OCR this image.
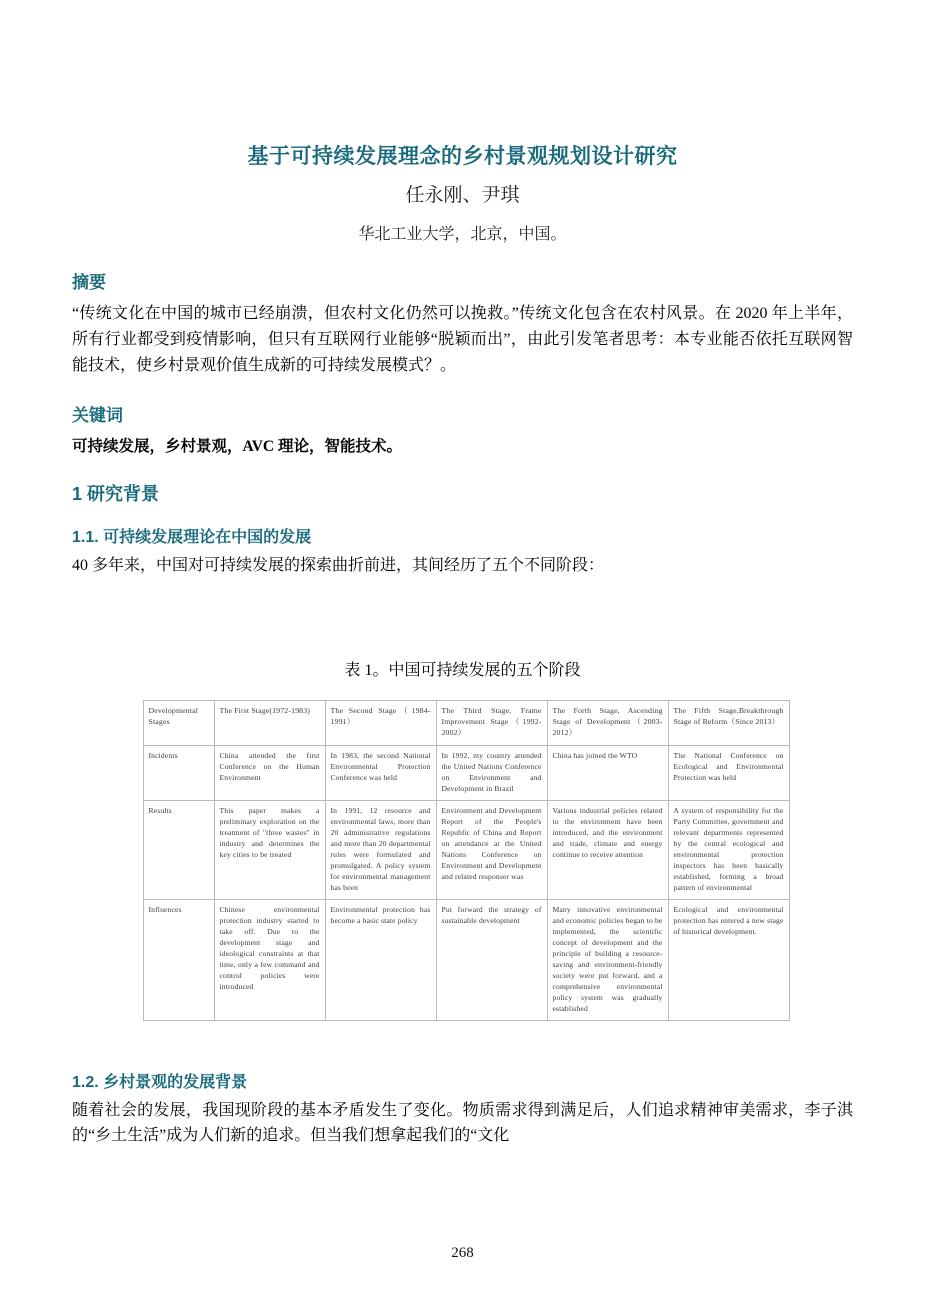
基于可持续发展理念的乡村景观规划设计研究
任永刚、尹琪
华北工业大学，北京，中国。
摘要

“传统文化在中国的城市已经崩溃，但农村文化仍然可以挽救。”传统文化包含在农村风景。在 2020 年上半年，所有行业都受到疫情影响，但只有互联网行业能够“脱颖而出”，由此引发笔者思考：本专业能否依托互联网智能技术，使乡村景观价值生成新的可持续发展模式？。

关键词

可持续发展，乡村景观，AVC 理论，智能技术。

1 研究背景
1.1. 可持续发展理论在中国的发展

40 多年来，中国对可持续发展的探索曲折前进，其间经历了五个不同阶段：

表 1。中国可持续发展的五个阶段
Developmental Stages	The First Stage(1972-1983)	The Second Stage（1984-1991）	The Third Stage, Frame Improvement Stage（1992-2002）	The Forth Stage, Ascending Stage of Development（2003-2012）	The Fifth Stage,Breakthrough Stage of Reform（Since 2013）
Incidents	China attended the first Conference on the Human Environment	In 1983, the second National Environmental Protection Conference was held	In 1992, my country attended the United Nations Conference on Environment and Development in Brazil	China has joined the WTO	The National Conference on Ecological and Environmental Protection was held
Results	This paper makes a preliminary exploration on the treatment of "three wastes" in industry and determines the key cities to be treated	In 1991, 12 resource and environmental laws, more than 20 administrative regulations and more than 20 departmental rules were formulated and promulgated. A policy system for environmental management has been	Environment and Development Report of the People's Republic of China and Report on attendance at the United Nations Conference on Environment and Development and related responser was	Various industrial policies related to the environment have been introduced, and the environment and trade, climate and energy continue to receive attention	A system of responsibility for the Party Committee, government and relevant departments represented by the central ecological and environmental protection inspectors has been basically established, forming a broad pattern of environmental
Influences	Chinese environmental protection industry started to take off. Due to the development stage and ideological constraints at that time, only a few command and control policies were introduced	Environmental protection has become a basic state policy	Put forward the strategy of sustainable development	Many innovative environmental and economic policies began to be implemented, the scientific concept of development and the principle of building a resource-saving and environment-friendly society were put forward, and a comprehensive environmental policy system was gradually established	Ecological and environmental protection has entered a new stage of historical development.
1.2. 乡村景观的发展背景

随着社会的发展，我国现阶段的基本矛盾发生了变化。物质需求得到满足后，人们追求精神审美需求，李子淇的“乡土生活”成为人们新的追求。但当我们想拿起我们的“文化

268
